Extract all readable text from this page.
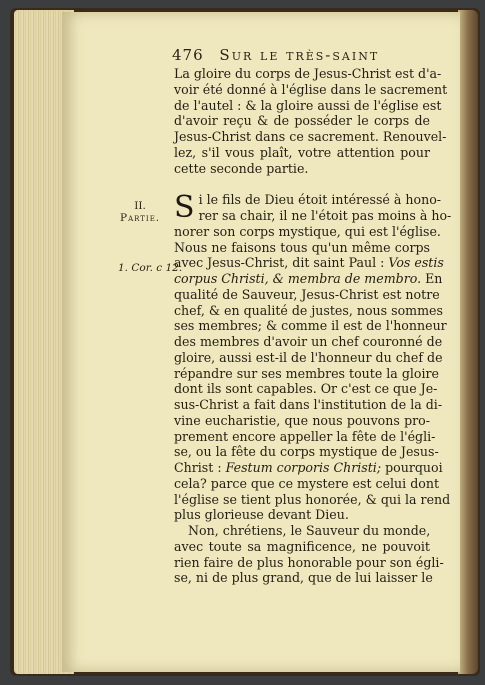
476 Sur le très-saint
II.
Partie.
1. Cor. c 12.
La gloire du corps de Jesus-Christ est d'a-
voir été donné à l'église dans le sacrement
de l'autel : & la gloire aussi de l'église est
d'avoir reçu & de posséder le corps de
Jesus-Christ dans ce sacrement. Renouvel-
lez, s'il vous plaît, votre attention pour
cette seconde partie.
S i le fils de Dieu étoit intéressé à hono-
rer sa chair, il ne l'étoit pas moins à ho-
norer son corps mystique, qui est l'église.
Nous ne faisons tous qu'un même corps
avec Jesus-Christ, dit saint Paul : Vos estis
corpus Christi, & membra de membro. En
qualité de Sauveur, Jesus-Christ est notre
chef, & en qualité de justes, nous sommes
ses membres; & comme il est de l'honneur
des membres d'avoir un chef couronné de
gloire, aussi est-il de l'honneur du chef de
répandre sur ses membres toute la gloire
dont ils sont capables. Or c'est ce que Je-
sus-Christ a fait dans l'institution de la di-
vine eucharistie, que nous pouvons pro-
prement encore appeller la fête de l'égli-
se, ou la fête du corps mystique de Jesus-
Christ : Festum corporis Christi; pourquoi
cela? parce que ce mystere est celui dont
l'église se tient plus honorée, & qui la rend
plus glorieuse devant Dieu.
Non, chrétiens, le Sauveur du monde,
avec toute sa magnificence, ne pouvoit
rien faire de plus honorable pour son égli-
se, ni de plus grand, que de lui laisser le
